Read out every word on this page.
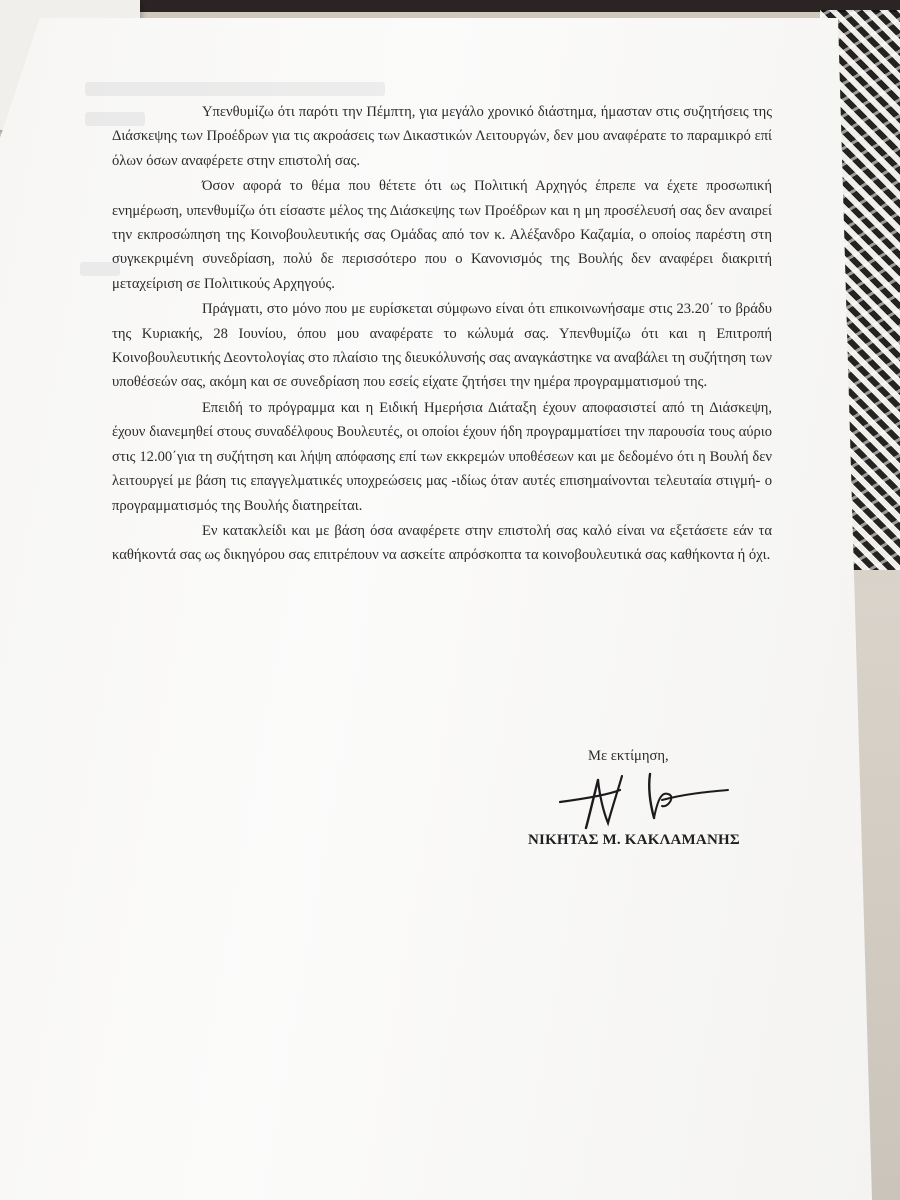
Υπενθυμίζω ότι παρότι την Πέμπτη, για μεγάλο χρονικό διάστημα, ήμασταν στις συζητήσεις της Διάσκεψης των Προέδρων για τις ακροάσεις των Δικαστικών Λειτουργών, δεν μου αναφέρατε το παραμικρό επί όλων όσων αναφέρετε στην επιστολή σας.

Όσον αφορά το θέμα που θέτετε ότι ως Πολιτική Αρχηγός έπρεπε να έχετε προσωπική ενημέρωση, υπενθυμίζω ότι είσαστε μέλος της Διάσκεψης των Προέδρων και η μη προσέλευσή σας δεν αναιρεί την εκπροσώπηση της Κοινοβουλευτικής σας Ομάδας από τον κ. Αλέξανδρο Καζαμία, ο οποίος παρέστη στη συγκεκριμένη συνεδρίαση, πολύ δε περισσότερο που ο Κανονισμός της Βουλής δεν αναφέρει διακριτή μεταχείριση σε Πολιτικούς Αρχηγούς.

Πράγματι, στο μόνο που με ευρίσκεται σύμφωνο είναι ότι επικοινωνήσαμε στις 23.20΄ το βράδυ της Κυριακής, 28 Ιουνίου, όπου μου αναφέρατε το κώλυμά σας. Υπενθυμίζω ότι και η Επιτροπή Κοινοβουλευτικής Δεοντολογίας στο πλαίσιο της διευκόλυνσής σας αναγκάστηκε να αναβάλει τη συζήτηση των υποθέσεών σας, ακόμη και σε συνεδρίαση που εσείς είχατε ζητήσει την ημέρα προγραμματισμού της.

Επειδή το πρόγραμμα και η Ειδική Ημερήσια Διάταξη έχουν αποφασιστεί από τη Διάσκεψη, έχουν διανεμηθεί στους συναδέλφους Βουλευτές, οι οποίοι έχουν ήδη προγραμματίσει την παρουσία τους αύριο στις 12.00΄για τη συζήτηση και λήψη απόφασης επί των εκκρεμών υποθέσεων και με δεδομένο ότι η Βουλή δεν λειτουργεί με βάση τις επαγγελματικές υποχρεώσεις μας -ιδίως όταν αυτές επισημαίνονται τελευταία στιγμή- ο προγραμματισμός της Βουλής διατηρείται.

Εν κατακλείδι και με βάση όσα αναφέρετε στην επιστολή σας καλό είναι να εξετάσετε εάν τα καθήκοντά σας ως δικηγόρου σας επιτρέπουν να ασκείτε απρόσκοπτα τα κοινοβουλευτικά σας καθήκοντα ή όχι.

Με εκτίμηση,
ΝΙΚΗΤΑΣ Μ. ΚΑΚΛΑΜΑΝΗΣ
